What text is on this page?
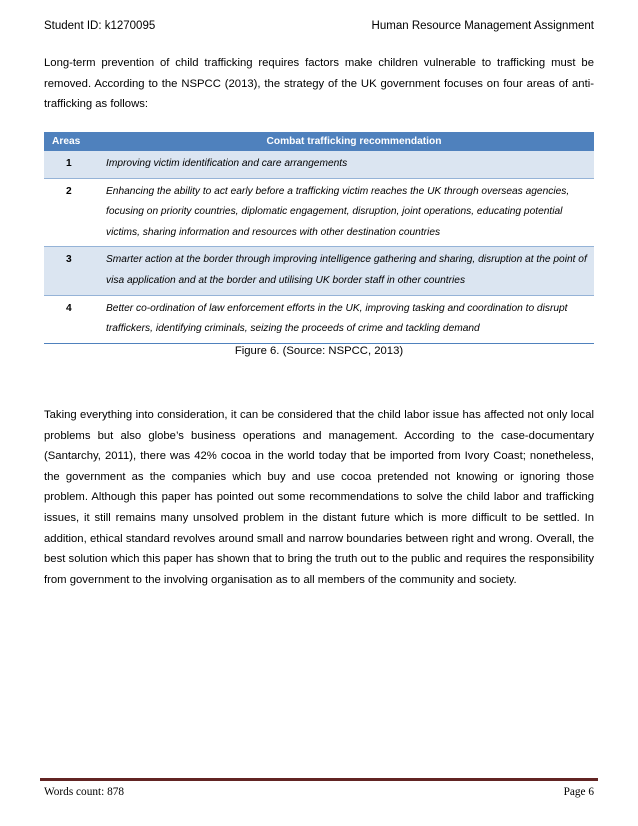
Student ID: k1270095	Human Resource Management Assignment
Long-term prevention of child trafficking requires factors make children vulnerable to trafficking must be removed. According to the NSPCC (2013), the strategy of the UK government focuses on four areas of anti-trafficking as follows:
Areas	Combat trafficking recommendation
1	Improving victim identification and care arrangements
2	Enhancing the ability to act early before a trafficking victim reaches the UK through overseas agencies, focusing on priority countries, diplomatic engagement, disruption, joint operations, educating potential victims, sharing information and resources with other destination countries
3	Smarter action at the border through improving intelligence gathering and sharing, disruption at the point of visa application and at the border and utilising UK border staff in other countries
4	Better co-ordination of law enforcement efforts in the UK, improving tasking and coordination to disrupt traffickers, identifying criminals, seizing the proceeds of crime and tackling demand
Figure 6. (Source: NSPCC, 2013)
Taking everything into consideration, it can be considered that the child labor issue has affected not only local problems but also globe’s business operations and management. According to the case-documentary (Santarchy, 2011), there was 42% cocoa in the world today that be imported from Ivory Coast; nonetheless, the government as the companies which buy and use cocoa pretended not knowing or ignoring those problem. Although this paper has pointed out some recommendations to solve the child labor and trafficking issues, it still remains many unsolved problem in the distant future which is more difficult to be settled. In addition, ethical standard revolves around small and narrow boundaries between right and wrong. Overall, the best solution which this paper has shown that to bring the truth out to the public and requires the responsibility from government to the involving organisation as to all members of the community and society.
Words count: 878	Page 6
